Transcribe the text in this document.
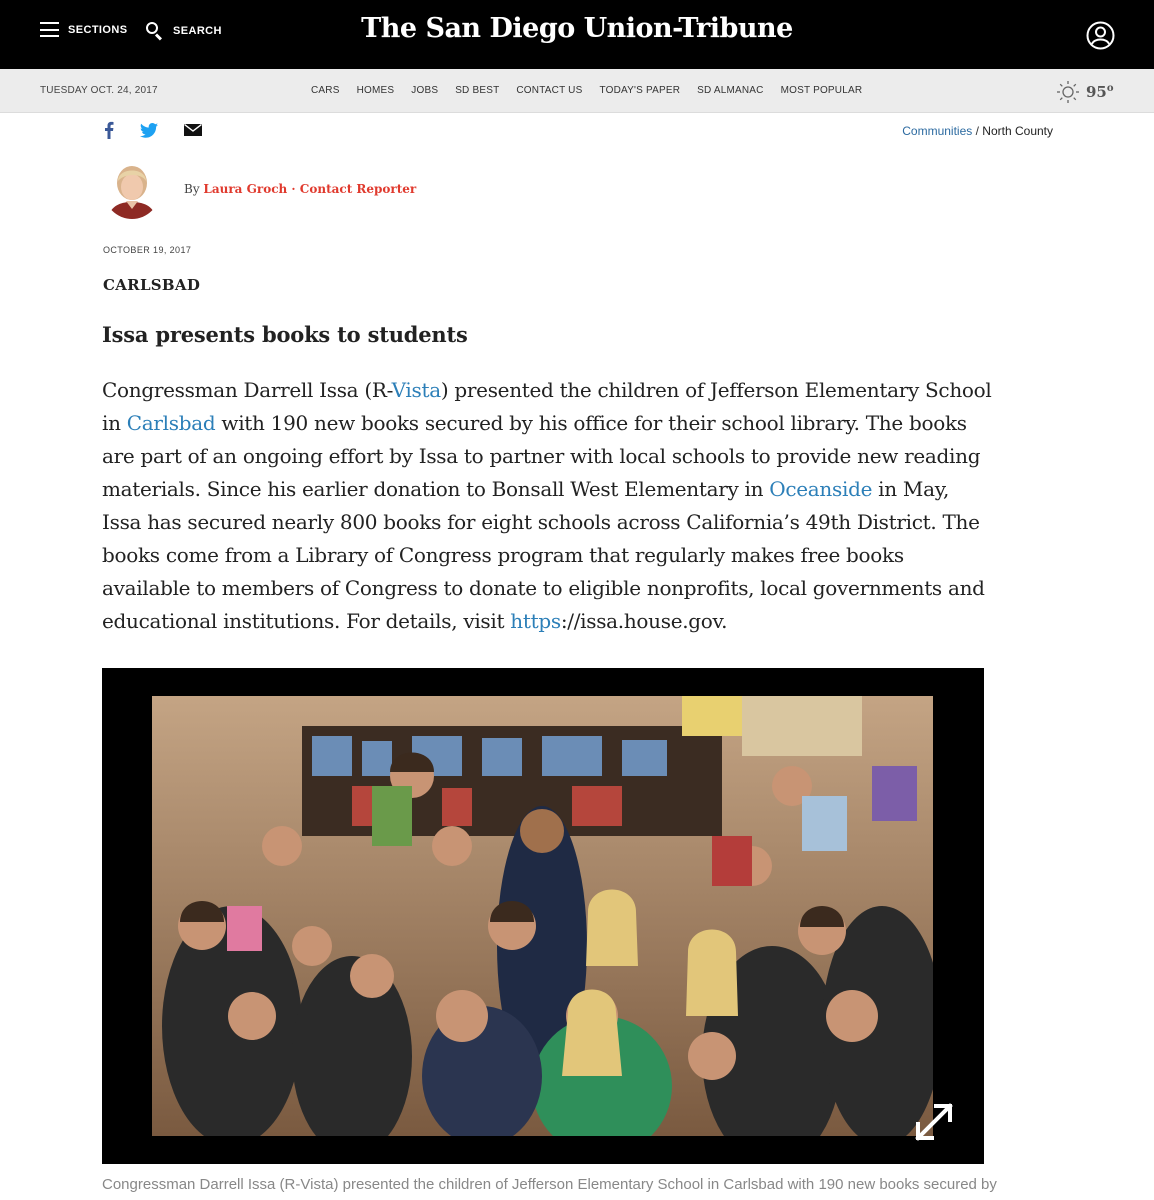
SECTIONS	SEARCH	The San Diego Union-Tribune
TUESDAY OCT. 24, 2017	CARS HOMES JOBS SD BEST CONTACT US TODAY'S PAPER SD ALMANAC MOST POPULAR	95$^o$
Communities / North County
By Laura Groch · Contact Reporter
OCTOBER 19, 2017
CARLSBAD
Issa presents books to students

Congressman Darrell Issa (R-Vista) presented the children of Jefferson Elementary School in Carlsbad with 190 new books secured by his office for their school library. The books are part of an ongoing effort by Issa to partner with local schools to provide new reading materials. Since his earlier donation to Bonsall West Elementary in Oceanside in May, Issa has secured nearly 800 books for eight schools across California’s 49th District. The books come from a Library of Congress program that regularly makes free books available to members of Congress to donate to eligible nonprofits, local governments and educational institutions. For details, visit https://issa.house.gov.

Congressman Darrell Issa (R-Vista) presented the children of Jefferson Elementary School in Carlsbad with 190 new books secured by
